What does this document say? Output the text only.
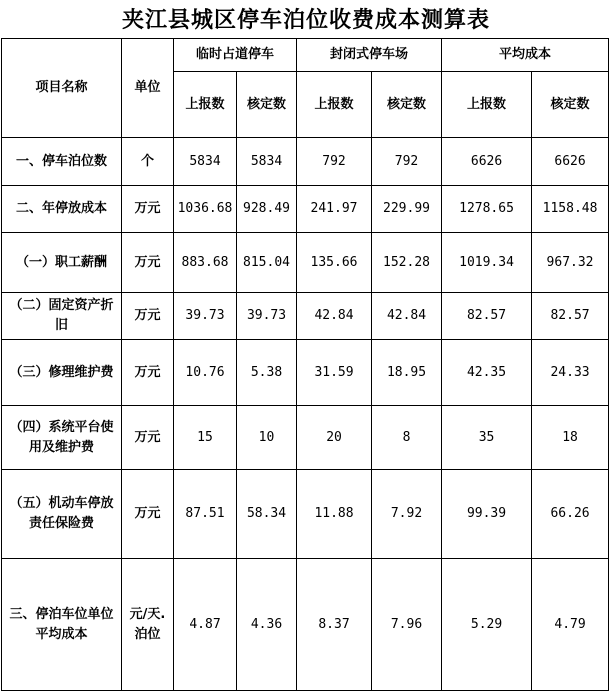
夹江县城区停车泊位收费成本测算表
项目名称	单位	临时占道停车		封闭式停车场		平均成本	
		上报数	核定数	上报数	核定数	上报数	核定数
一、停车泊位数	个	5834	5834	792	792	6626	6626
二、年停放成本	万元	1036.68	928.49	241.97	229.99	1278.65	1158.48
（一）职工薪酬	万元	883.68	815.04	135.66	152.28	1019.34	967.32
（二）固定资产折旧	万元	39.73	39.73	42.84	42.84	82.57	82.57
（三）修理维护费	万元	10.76	5.38	31.59	18.95	42.35	24.33
（四）系统平台使用及维护费	万元	15	10	20	8	35	18
（五）机动车停放责任保险费	万元	87.51	58.34	11.88	7.92	99.39	66.26
三、停泊车位单位平均成本	元/天.泊位	4.87	4.36	8.37	7.96	5.29	4.79
